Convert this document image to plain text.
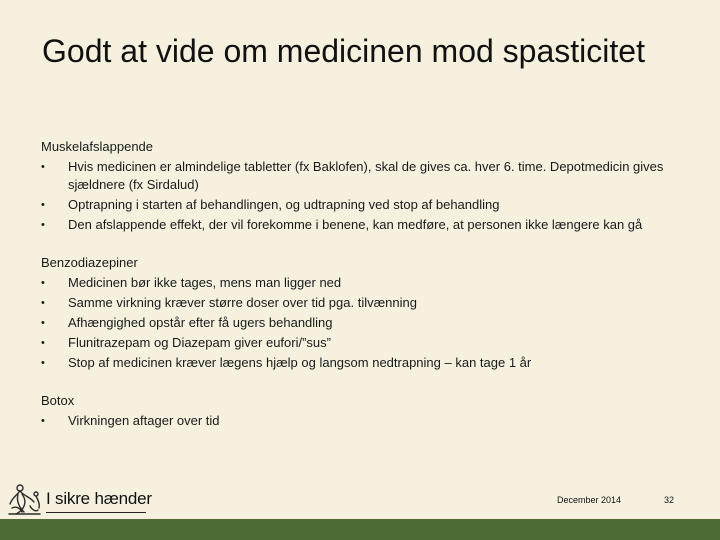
Godt at vide om medicinen mod spasticitet
Muskelafslappende
• Hvis medicinen er almindelige tabletter (fx Baklofen), skal de gives ca. hver 6. time. Depotmedicin gives sjældnere (fx Sirdalud)
• Optrapning i starten af behandlingen, og udtrapning ved stop af behandling
• Den afslappende effekt, der vil forekomme i benene, kan medføre, at personen ikke længere kan gå
Benzodiazepiner
• Medicinen bør ikke tages, mens man ligger ned
• Samme virkning kræver større doser over tid pga. tilvænning
• Afhængighed opstår efter få ugers behandling
• Flunitrazepam og Diazepam giver eufori/”sus”
• Stop af medicinen kræver lægens hjælp og langsom nedtrapning – kan tage 1 år
Botox
• Virkningen aftager over tid
I sikre hænder	December 2014	32
